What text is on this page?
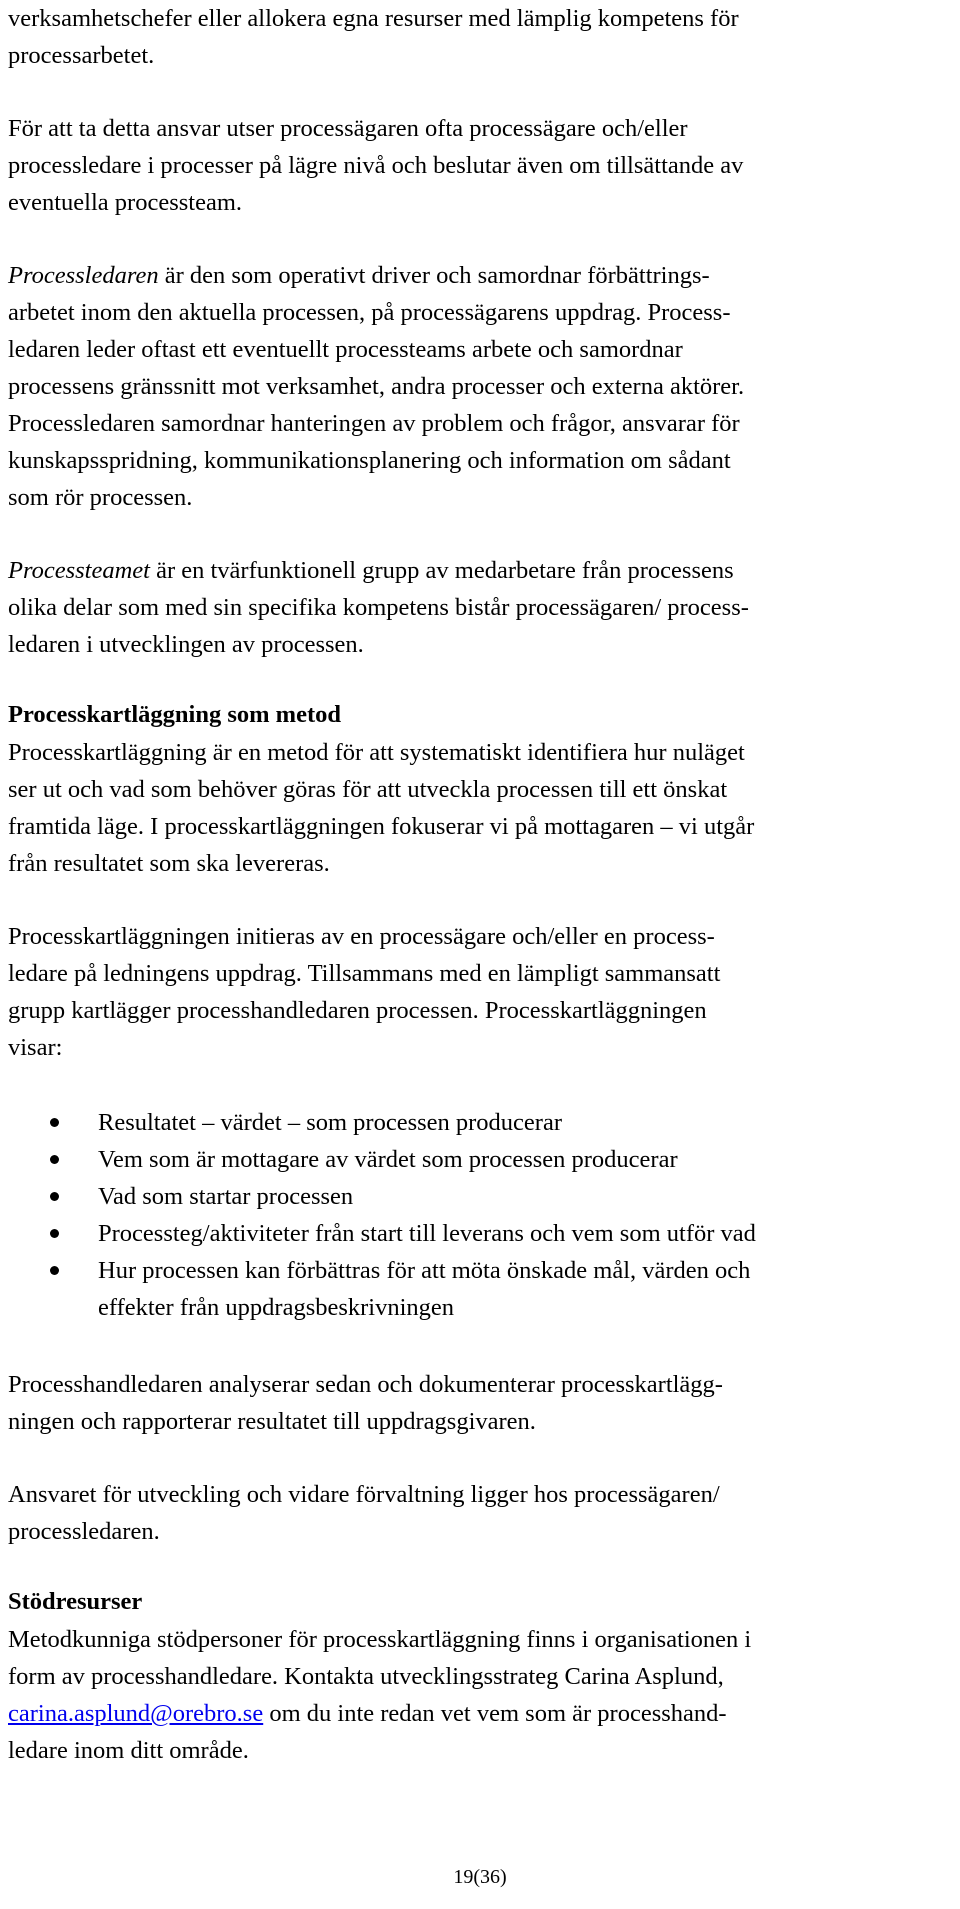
verksamhetschefer eller allokera egna resurser med lämplig kompetens för
processarbetet.
För att ta detta ansvar utser processägaren ofta processägare och/eller
processledare i processer på lägre nivå och beslutar även om tillsättande av
eventuella processteam.
Processledaren är den som operativt driver och samordnar förbättrings-
arbetet inom den aktuella processen, på processägarens uppdrag. Process-
ledaren leder oftast ett eventuellt processteams arbete och samordnar
processens gränssnitt mot verksamhet, andra processer och externa aktörer.
Processledaren samordnar hanteringen av problem och frågor, ansvarar för
kunskapsspridning, kommunikationsplanering och information om sådant
som rör processen.
Processteamet är en tvärfunktionell grupp av medarbetare från processens
olika delar som med sin specifika kompetens bistår processägaren/ process-
ledaren i utvecklingen av processen.
Processkartläggning som metod
Processkartläggning är en metod för att systematiskt identifiera hur nuläget
ser ut och vad som behöver göras för att utveckla processen till ett önskat
framtida läge. I processkartläggningen fokuserar vi på mottagaren – vi utgår
från resultatet som ska levereras.
Processkartläggningen initieras av en processägare och/eller en process-
ledare på ledningens uppdrag. Tillsammans med en lämpligt sammansatt
grupp kartlägger processhandledaren processen. Processkartläggningen
visar:
Resultatet – värdet – som processen producerar
Vem som är mottagare av värdet som processen producerar
Vad som startar processen
Processteg/aktiviteter från start till leverans och vem som utför vad
Hur processen kan förbättras för att möta önskade mål, värden och
effekter från uppdragsbeskrivningen
Processhandledaren analyserar sedan och dokumenterar processkartlägg-
ningen och rapporterar resultatet till uppdragsgivaren.
Ansvaret för utveckling och vidare förvaltning ligger hos processägaren/
processledaren.
Stödresurser
Metodkunniga stödpersoner för processkartläggning finns i organisationen i
form av processhandledare. Kontakta utvecklingsstrateg Carina Asplund,
carina.asplund@orebro.se om du inte redan vet vem som är processhand-
ledare inom ditt område.
19(36)
